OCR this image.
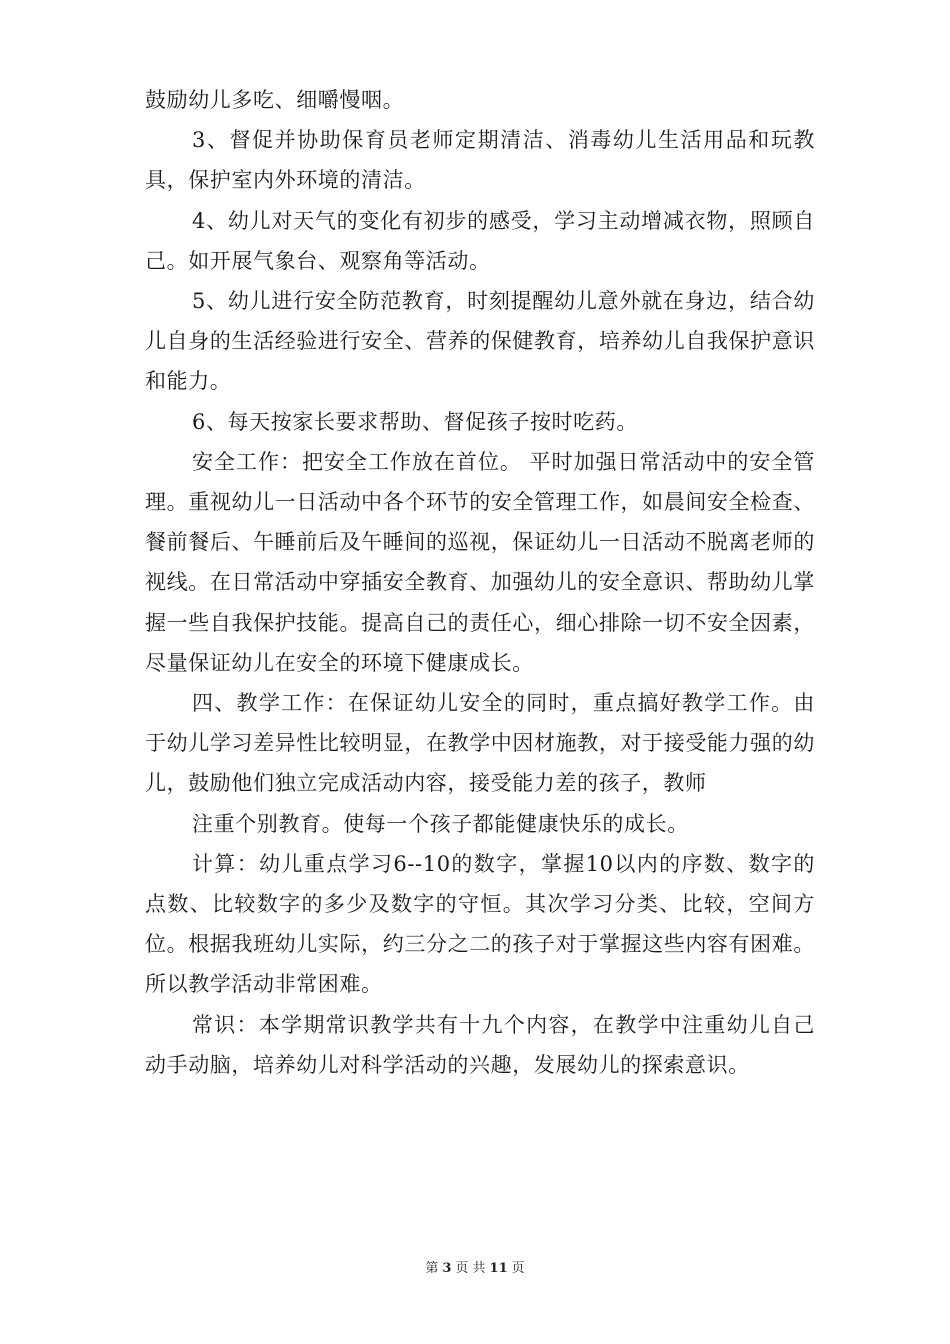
鼓励幼儿多吃、细嚼慢咽。

3、督促并协助保育员老师定期清洁、消毒幼儿生活用品和玩教具，保护室内外环境的清洁。

4、幼儿对天气的变化有初步的感受，学习主动增减衣物，照顾自己。如开展气象台、观察角等活动。

5、幼儿进行安全防范教育，时刻提醒幼儿意外就在身边，结合幼儿自身的生活经验进行安全、营养的保健教育，培养幼儿自我保护意识和能力。

6、每天按家长要求帮助、督促孩子按时吃药。

安全工作：把安全工作放在首位。 平时加强日常活动中的安全管理。重视幼儿一日活动中各个环节的安全管理工作，如晨间安全检查、餐前餐后、午睡前后及午睡间的巡视，保证幼儿一日活动不脱离老师的视线。在日常活动中穿插安全教育、加强幼儿的安全意识、帮助幼儿掌握一些自我保护技能。提高自己的责任心，细心排除一切不安全因素，尽量保证幼儿在安全的环境下健康成长。

四、教学工作：在保证幼儿安全的同时，重点搞好教学工作。由于幼儿学习差异性比较明显，在教学中因材施教，对于接受能力强的幼儿，鼓励他们独立完成活动内容，接受能力差的孩子，教师

注重个别教育。使每一个孩子都能健康快乐的成长。

计算：幼儿重点学习6--10的数字，掌握10以内的序数、数字的点数、比较数字的多少及数字的守恒。其次学习分类、比较，空间方位。根据我班幼儿实际，约三分之二的孩子对于掌握这些内容有困难。所以教学活动非常困难。

常识：本学期常识教学共有十九个内容，在教学中注重幼儿自己动手动脑，培养幼儿对科学活动的兴趣，发展幼儿的探索意识。

第 3 页 共 11 页
